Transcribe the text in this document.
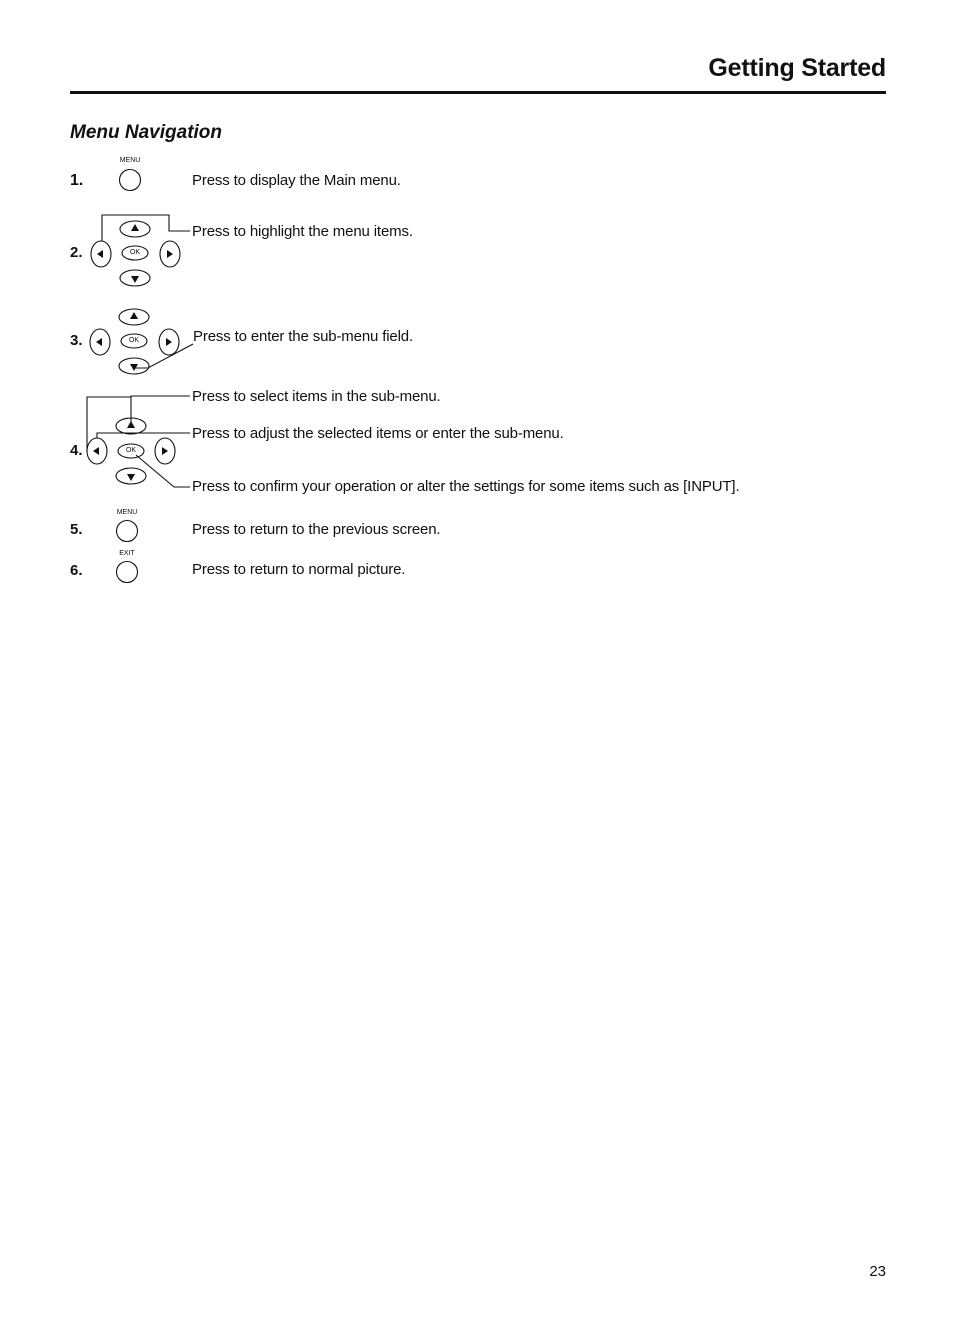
Getting Started
Menu Navigation
OK
OK
OK
MENU
MENU
EXIT
1.
2.
3.
4.
5.
6.
Press to display the Main menu.
Press to highlight the menu items.
Press to enter the sub-menu field.
Press to select items in the sub-menu.
Press to adjust the selected items or enter the sub-menu.
Press to confirm your operation or alter the settings for some items such as [INPUT].
Press to return to the previous screen.
Press to return to normal picture.
23
